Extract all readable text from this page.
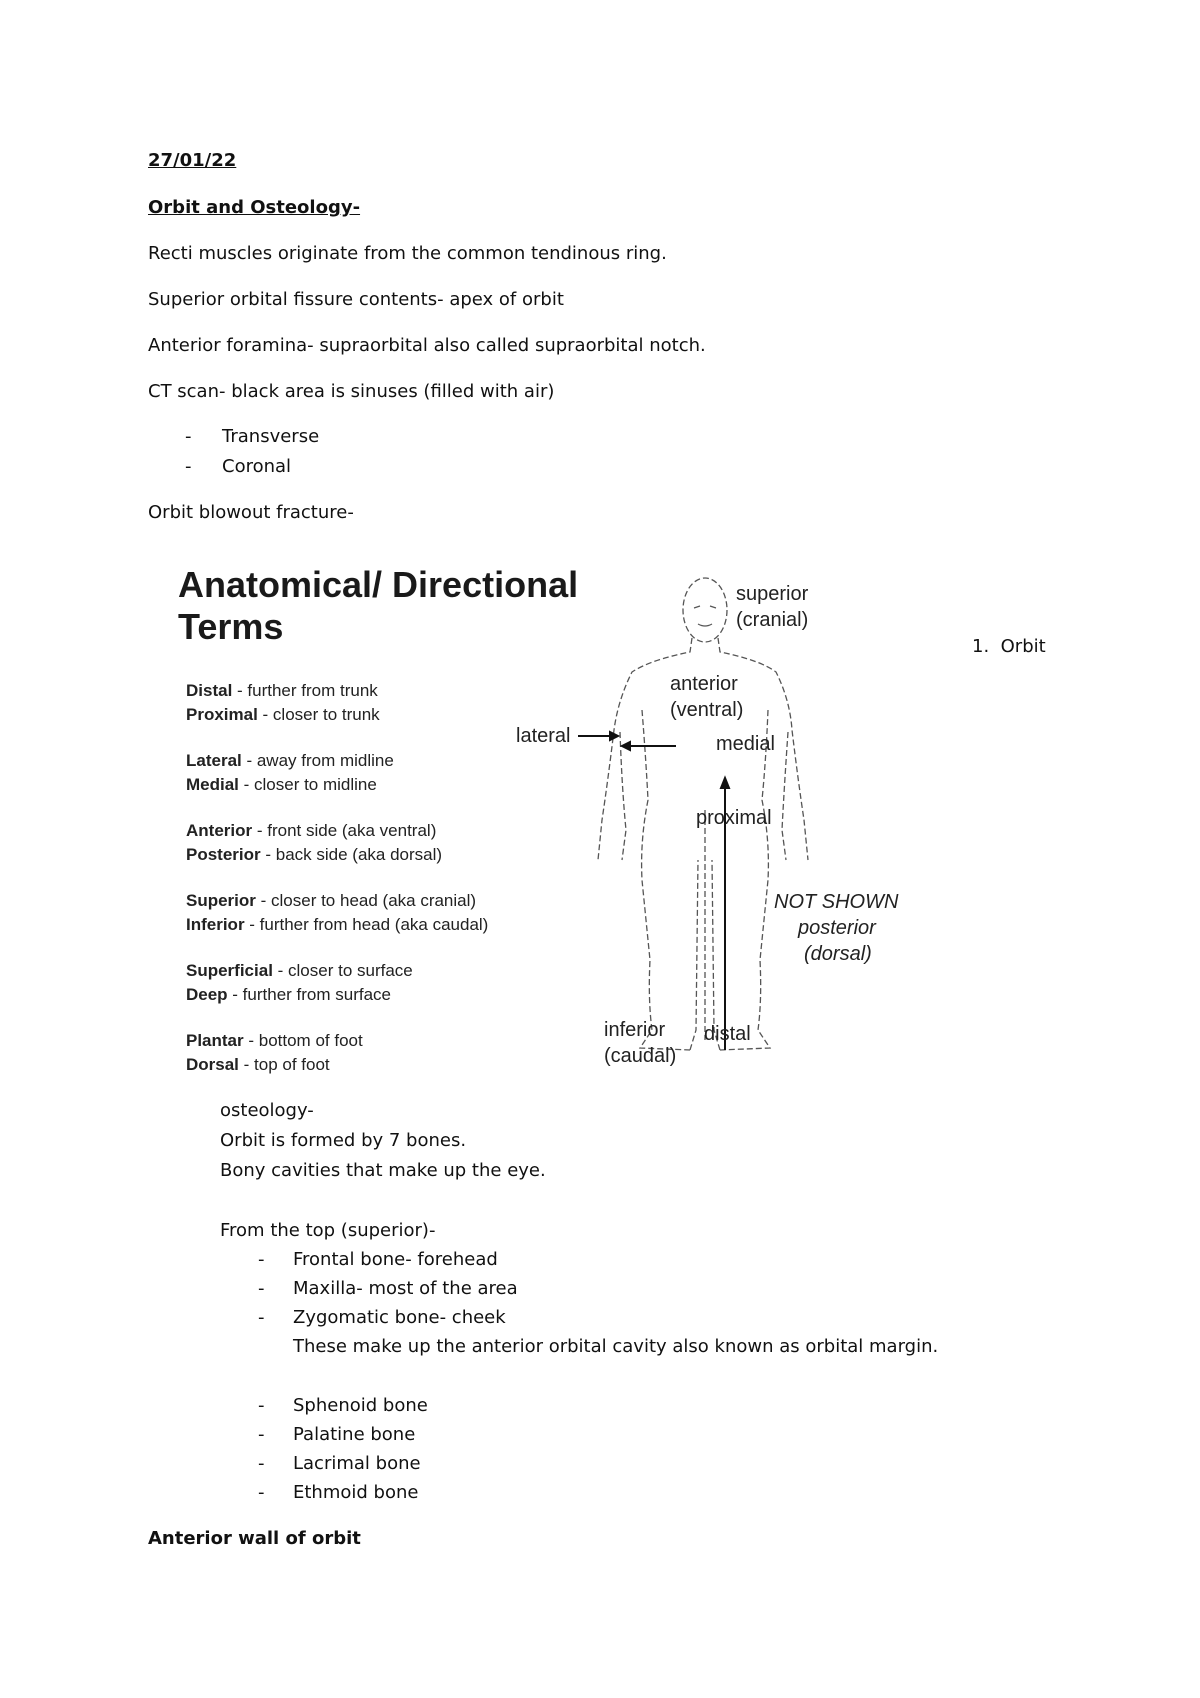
27/01/22
Orbit and Osteology-
Recti muscles originate from the common tendinous ring.
Superior orbital fissure contents- apex of orbit
Anterior foramina- supraorbital also called supraorbital notch.
CT scan- black area is sinuses (filled with air)
- Transverse
- Coronal
Orbit blowout fracture-
Anatomical/ Directional
Terms
Distal - further from trunk
Proximal - closer to trunk
Lateral - away from midline
Medial - closer to midline
Anterior - front side (aka ventral)
Posterior - back side (aka dorsal)
Superior - closer to head (aka cranial)
Inferior - further from head (aka caudal)
Superficial - closer to surface
Deep - further from surface
Plantar - bottom of foot
Dorsal - top of foot
superior
(cranial)
anterior
(ventral)
lateral	medial
proximal
NOT SHOWN
posterior
(dorsal)
inferior
(caudal)
distal
1. Orbit
osteology-
Orbit is formed by 7 bones.
Bony cavities that make up the eye.
From the top (superior)-
- Frontal bone- forehead
- Maxilla- most of the area
- Zygomatic bone- cheek
These make up the anterior orbital cavity also known as orbital margin.
- Sphenoid bone
- Palatine bone
- Lacrimal bone
- Ethmoid bone
Anterior wall of orbit
